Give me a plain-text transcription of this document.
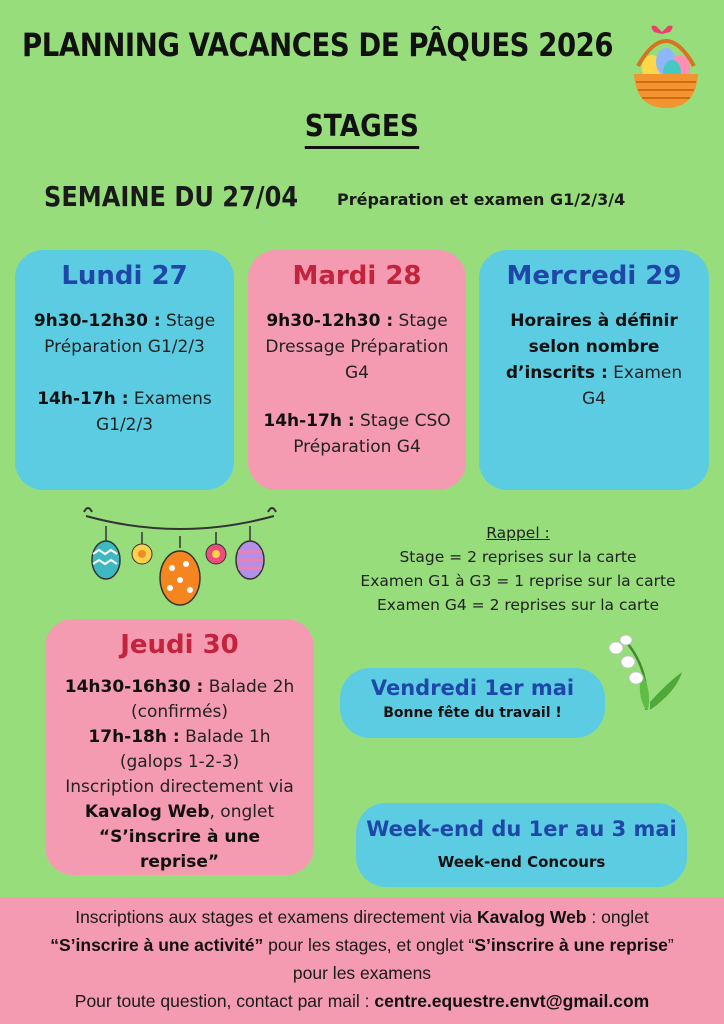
PLANNING VACANCES DE PÂQUES 2026
STAGES
SEMAINE DU 27/04 Préparation et examen G1/2/3/4
Lundi 27

9h30-12h30 : Stage Préparation G1/2/3

14h-17h : Examens G1/2/3

Mardi 28

9h30-12h30 : Stage Dressage Préparation G4

14h-17h : Stage CSO Préparation G4

Mercredi 29

Horaires à définir selon nombre d’inscrits : Examen G4

Rappel :
Stage = 2 reprises sur la carte
Examen G1 à G3 = 1 reprise sur la carte
Examen G4 = 2 reprises sur la carte
Jeudi 30

14h30-16h30 : Balade 2h (confirmés)

17h-18h : Balade 1h (galops 1-2-3)

Inscription directement via Kavalog Web, onglet “S’inscrire à une reprise”

Vendredi 1er mai
Bonne fête du travail !
Week-end du 1er au 3 mai
Week-end Concours
Inscriptions aux stages et examens directement via Kavalog Web : onglet
“S’inscrire à une activité” pour les stages, et onglet “S’inscrire à une reprise”
pour les examens
Pour toute question, contact par mail : centre.equestre.envt@gmail.com
